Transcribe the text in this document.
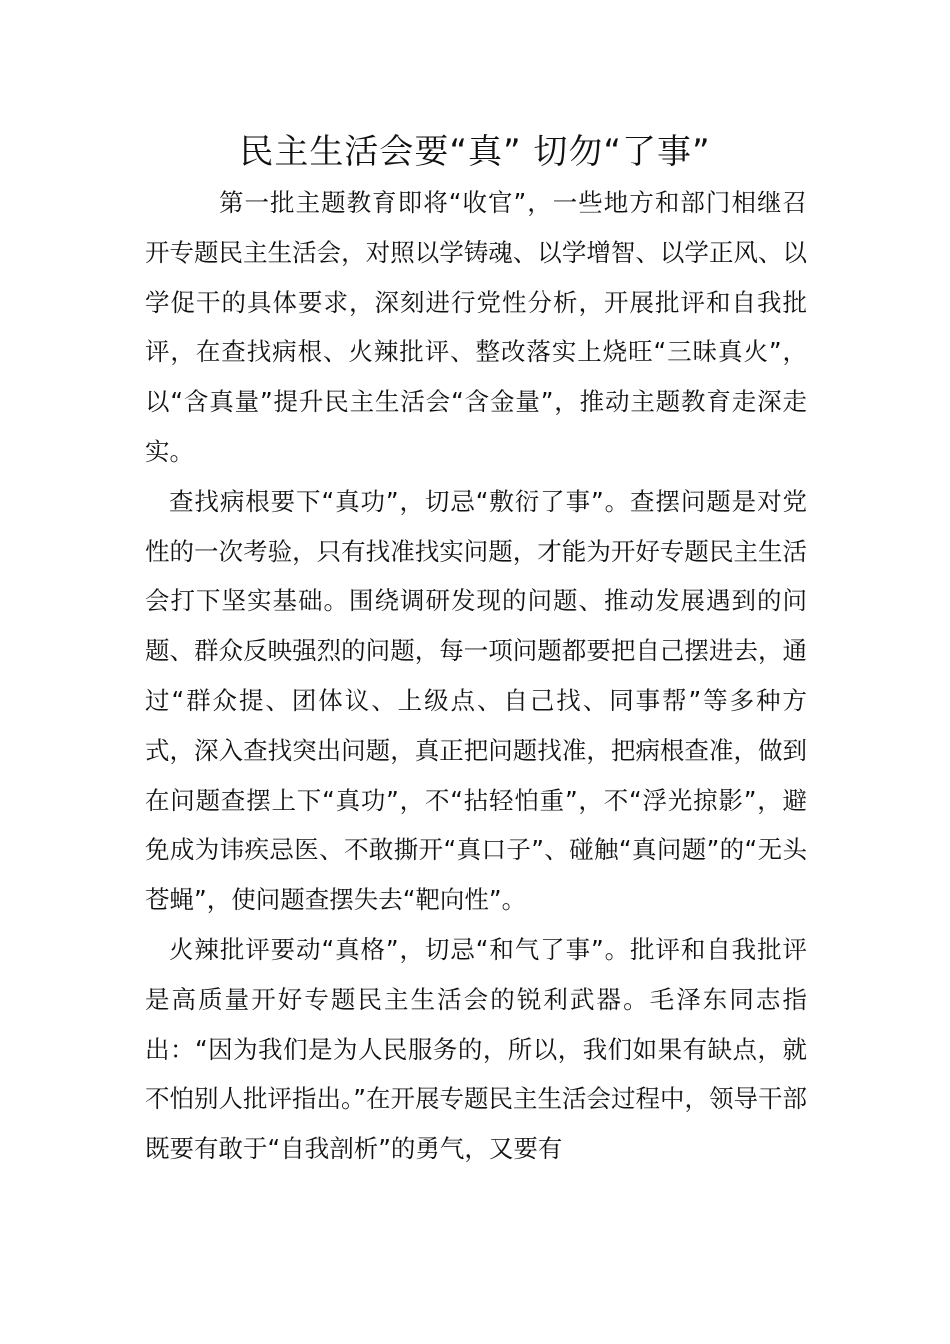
民主生活会要“真” 切勿“了事”

第一批主题教育即将“收官”，一些地方和部门相继召开专题民主生活会，对照以学铸魂、以学增智、以学正风、以学促干的具体要求，深刻进行党性分析，开展批评和自我批评，在查找病根、火辣批评、整改落实上烧旺“三昧真火”，以“含真量”提升民主生活会“含金量”，推动主题教育走深走实。

查找病根要下“真功”，切忌“敷衍了事”。查摆问题是对党性的一次考验，只有找准找实问题，才能为开好专题民主生活会打下坚实基础。围绕调研发现的问题、推动发展遇到的问题、群众反映强烈的问题，每一项问题都要把自己摆进去，通过“群众提、团体议、上级点、自己找、同事帮”等多种方式，深入查找突出问题，真正把问题找准，把病根查准，做到在问题查摆上下“真功”，不“拈轻怕重”，不“浮光掠影”，避免成为讳疾忌医、不敢撕开“真口子”、碰触“真问题”的“无头苍蝇”，使问题查摆失去“靶向性”。

火辣批评要动“真格”，切忌“和气了事”。批评和自我批评是高质量开好专题民主生活会的锐利武器。毛泽东同志指出：“因为我们是为人民服务的，所以，我们如果有缺点，就不怕别人批评指出。”在开展专题民主生活会过程中，领导干部既要有敢于“自我剖析”的勇气，又要有
